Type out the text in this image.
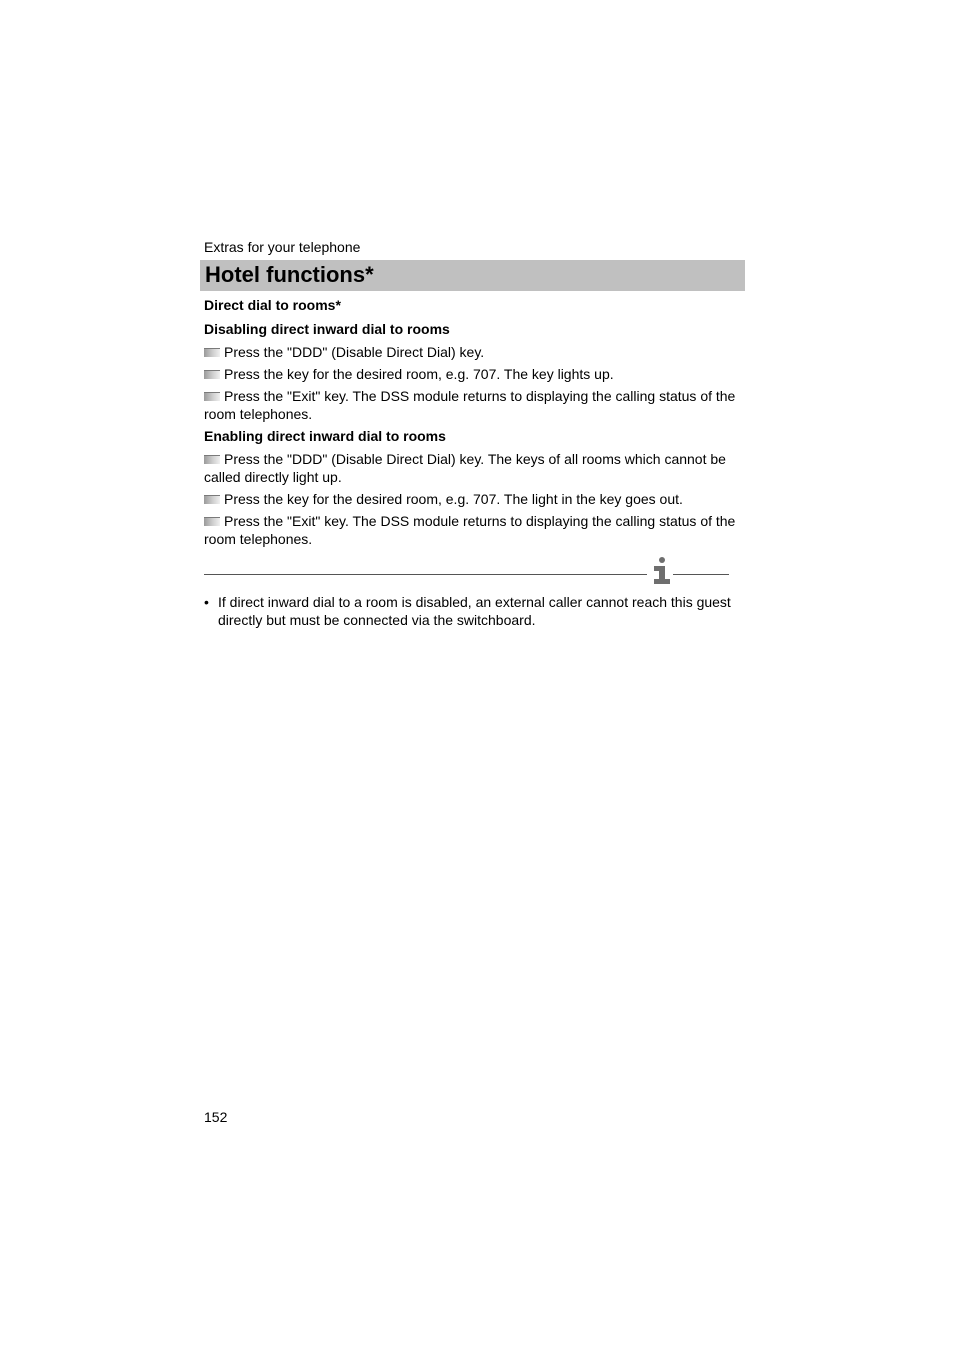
Extras for your telephone
Hotel functions*

Direct dial to rooms*

Disabling direct inward dial to rooms

Press the "DDD" (Disable Direct Dial) key.

Press the key for the desired room, e.g. 707. The key lights up.

Press the "Exit" key. The DSS module returns to displaying the calling status of the room telephones.

Enabling direct inward dial to rooms

Press the "DDD" (Disable Direct Dial) key. The keys of all rooms which cannot be called directly light up.

Press the key for the desired room, e.g. 707. The light in the key goes out.

Press the "Exit" key. The DSS module returns to displaying the calling status of the room telephones.

• If direct inward dial to a room is disabled, an external caller cannot reach this guest directly but must be connected via the switchboard.
152
